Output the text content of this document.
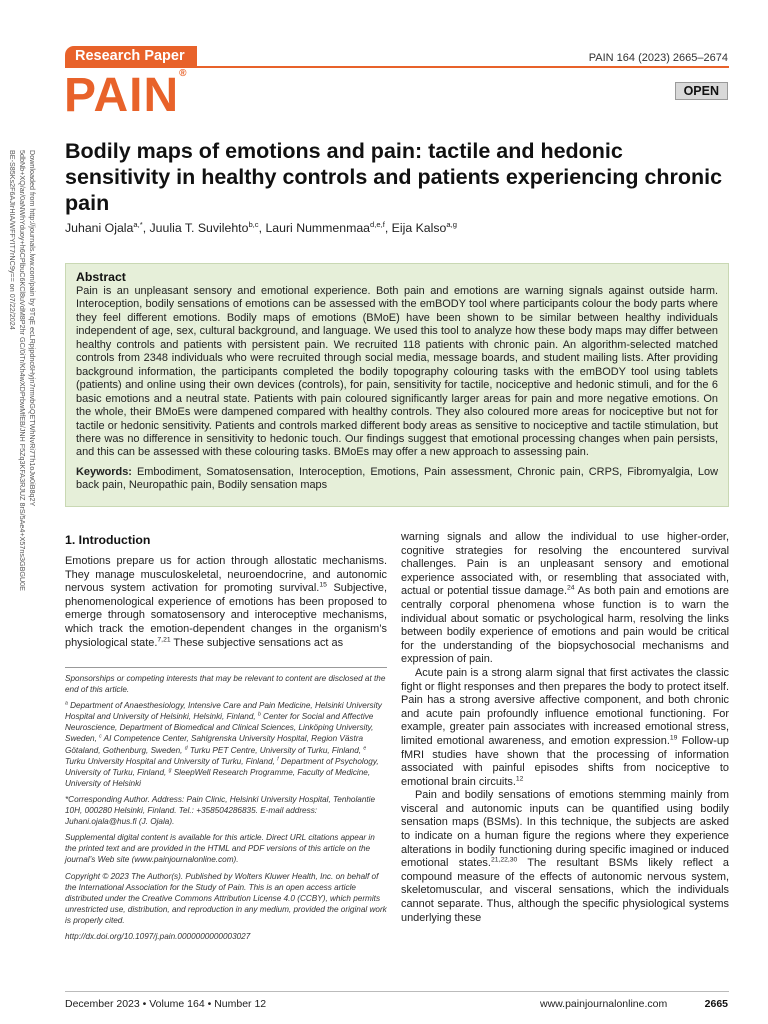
Downloaded from http://journals.lww.com/pain by 9TqE ecLRpjpdnc6Hyjn7rmvbGQETWhNvRi7Th1oJw0iB8q2Y
5dbNb+XQ/ar/0aNWhYduoy+h6CPlbuC6KCl8uVdM8P2hr GC/0iTr/Kh4wXDPrbwMfEB/JNH F5Zq3KFA3RJUZ 8rS/5Ae4+X57ns3GBGU0E
BE-S85Ks2F6AJIrHIA/WFFYIT7rNC9y== on 07/22/2024
Research Paper
PAIN®
PAIN 164 (2023) 2665–2674
OPEN
Bodily maps of emotions and pain: tactile and hedonic sensitivity in healthy controls and patients experiencing chronic pain
Juhani Ojala$^{a,*}$, Juulia T. Suvilehto$^{b,c}$, Lauri Nummenmaa$^{d,e,f}$, Eija Kalso$^{a,g}$
Abstract

Pain is an unpleasant sensory and emotional experience. Both pain and emotions are warning signals against outside harm. Interoception, bodily sensations of emotions can be assessed with the emBODY tool where participants colour the body parts where they feel different emotions. Bodily maps of emotions (BMoE) have been shown to be similar between healthy individuals independent of age, sex, cultural background, and language. We used this tool to analyze how these body maps may differ between healthy controls and patients with persistent pain. We recruited 118 patients with chronic pain. An algorithm-selected matched controls from 2348 individuals who were recruited through social media, message boards, and student mailing lists. After providing background information, the participants completed the bodily topography colouring tasks with the emBODY tool using tablets (patients) and online using their own devices (controls), for pain, sensitivity for tactile, nociceptive and hedonic stimuli, and for the 6 basic emotions and a neutral state. Patients with pain coloured significantly larger areas for pain and more negative emotions. On the whole, their BMoEs were dampened compared with healthy controls. They also coloured more areas for nociceptive but not for tactile or hedonic sensitivity. Patients and controls marked different body areas as sensitive to nociceptive and tactile stimulation, but there was no difference in sensitivity to hedonic touch. Our findings suggest that emotional processing changes when pain persists, and this can be assessed with these colouring tasks. BMoEs may offer a new approach to assessing pain.

Keywords: Embodiment, Somatosensation, Interoception, Emotions, Pain assessment, Chronic pain, CRPS, Fibromyalgia, Low back pain, Neuropathic pain, Bodily sensation maps

1. Introduction

Emotions prepare us for action through allostatic mechanisms. They manage musculoskeletal, neuroendocrine, and autonomic nervous system activation for promoting survival.$^{15}$ Subjective, phenomenological experience of emotions has been proposed to emerge through somatosensory and interoceptive mechanisms, which track the emotion-dependent changes in the organism’s physiological state.$^{7,21}$ These subjective sensations act as

Sponsorships or competing interests that may be relevant to content are disclosed at the end of this article.

$^a$ Department of Anaesthesiology, Intensive Care and Pain Medicine, Helsinki University Hospital and University of Helsinki, Helsinki, Finland, $^b$ Center for Social and Affective Neuroscience, Department of Biomedical and Clinical Sciences, Linköping University, Sweden, $^c$ AI Competence Center, Sahlgrenska University Hospital, Region Västra Götaland, Gothenburg, Sweden, $^d$ Turku PET Centre, University of Turku, Finland, $^e$ Turku University Hospital and University of Turku, Finland, $^f$ Department of Psychology, University of Turku, Finland, $^g$ SleepWell Research Programme, Faculty of Medicine, University of Helsinki

*Corresponding Author. Address: Pain Clinic, Helsinki University Hospital, Tenholantie 10H, 000280 Helsinki, Finland. Tel.: +358504286835. E-mail address: Juhani.ojala@hus.fi (J. Ojala).

Supplemental digital content is available for this article. Direct URL citations appear in the printed text and are provided in the HTML and PDF versions of this article on the journal’s Web site (www.painjournalonline.com).

Copyright © 2023 The Author(s). Published by Wolters Kluwer Health, Inc. on behalf of the International Association for the Study of Pain. This is an open access article distributed under the Creative Commons Attribution License 4.0 (CCBY), which permits unrestricted use, distribution, and reproduction in any medium, provided the original work is properly cited.

http://dx.doi.org/10.1097/j.pain.0000000000003027

warning signals and allow the individual to use higher-order, cognitive strategies for resolving the encountered survival challenges. Pain is an unpleasant sensory and emotional experience associated with, or resembling that associated with, actual or potential tissue damage.$^{24}$ As both pain and emotions are centrally corporal phenomena whose function is to warn the individual about somatic or psychological harm, resolving the links between bodily experience of emotions and pain would be critical for the understanding of the biopsychosocial mechanisms and expression of pain.

Acute pain is a strong alarm signal that first activates the classic fight or flight responses and then prepares the body to protect itself. Pain has a strong aversive affective component, and both chronic and acute pain profoundly influence emotional functioning. For example, greater pain associates with increased emotional stress, limited emotional awareness, and emotion expression.$^{19}$ Follow-up fMRI studies have shown that the processing of information associated with painful episodes shifts from nociceptive to emotional brain circuits.$^{12}$

Pain and bodily sensations of emotions stemming mainly from visceral and autonomic inputs can be quantified using bodily sensation maps (BSMs). In this technique, the subjects are asked to indicate on a human figure the regions where they experience alterations in bodily functioning during specific imagined or induced emotional states.$^{21,22,30}$ The resultant BSMs likely reflect a compound measure of the effects of autonomic nervous system, skeletomuscular, and visceral sensations, which the individuals cannot separate. Thus, although the specific physiological systems underlying these

December 2023 • Volume 164 • Number 12	www.painjournalonline.com	2665
